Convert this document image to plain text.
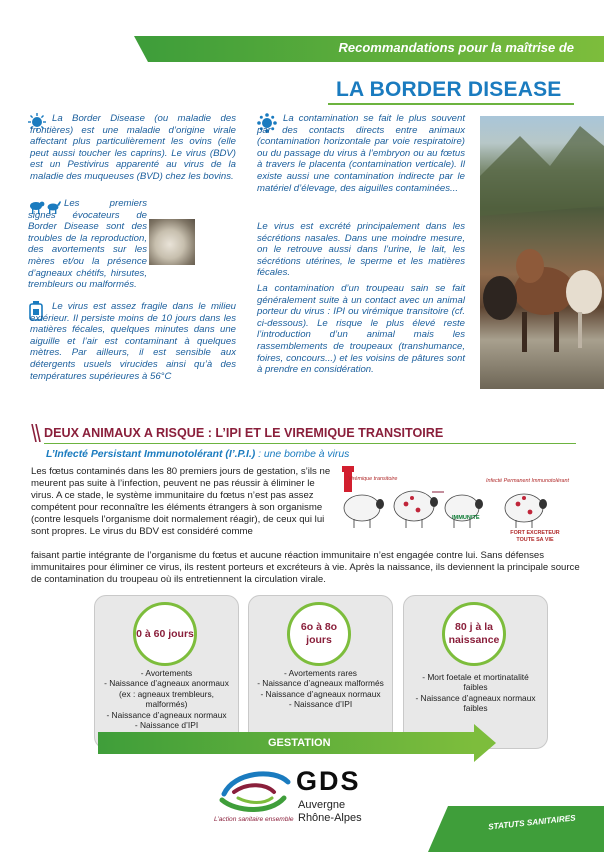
Recommandations pour la maîtrise de
LA BORDER DISEASE
La Border Disease (ou maladie des frontières) est une maladie d’origine virale affectant plus particulièrement les ovins (elle peut aussi toucher les caprins). Le virus (BDV) est un Pestivirus apparenté au virus de la maladie des muqueuses (BVD) chez les bovins.
Les premiers signes évocateurs de Border Disease sont des troubles de la reproduction, des avortements sur les mères et/ou la présence d’agneaux chétifs, hirsutes, trembleurs ou malformés.
Le virus est assez fragile dans le milieu extérieur. Il persiste moins de 10 jours dans les matières fécales, quelques minutes dans une aiguille et l’air est contaminant à quelques mètres. Par ailleurs, il est sensible aux détergents usuels virucides ainsi qu’à des températures supérieures à 56°C
La contamination se fait le plus souvent par des contacts directs entre animaux (contamination horizontale par voie respiratoire) ou du passage du virus à l’embryon ou au fœtus à travers le placenta (contamination verticale). Il existe aussi une contamination indirecte par le matériel d’élevage, des aiguilles contaminées...
Le virus est excrété principalement dans les sécrétions nasales. Dans une moindre mesure, on le retrouve aussi dans l’urine, le lait, les sécrétions utérines, le sperme et les matières fécales.
La contamination d’un troupeau sain se fait généralement suite à un contact avec un animal porteur du virus : IPI ou virémique transitoire (cf. ci-dessous). Le risque le plus élevé reste l’introduction d’un animal mais les rassemblements de troupeaux (transhumance, foires, concours...) et les voisins de pâtures sont à prendre en considération.
DEUX ANIMAUX A RISQUE : L’IPI ET LE VIREMIQUE TRANSITOIRE
L’Infecté Persistant Immunotolérant (I’.P.I.) : une bombe à virus
Les fœtus contaminés dans les 80 premiers jours de gestation, s’ils ne meurent pas suite à l’infection, peuvent ne pas réussir à éliminer le virus. A ce stade, le système immunitaire du fœtus n’est pas assez compétent pour reconnaître les éléments étrangers à son organisme (contre lesquels l’organisme doit normalement réagir), de ceux qui lui sont propres. Le virus du BDV est considéré comme
faisant partie intégrante de l’organisme du fœtus et aucune réaction immunitaire n’est engagée contre lui. Sans défenses immunitaires pour éliminer ce virus, ils restent porteurs et excréteurs à vie. Après la naissance, ils deviennent la principale source de contamination du troupeau où ils entretiennent la circulation virale.
Virémique transitoire	Infecté Permanent Immunotolérant
IMMUNITE
FORT EXCRETEUR
TOUTE SA VIE
0 à 60 jours
- Avortements
- Naissance d’agneaux anormaux (ex : agneaux trembleurs, malformés)
- Naissance d’agneaux normaux
- Naissance d’IPI
6o à 8o jours
- Avortements rares
- Naissance d’agneaux malformés
- Naissance d’agneaux normaux
- Naissance d’IPI
80 j à la naissance
- Mort foetale et mortinatalité faibles
- Naissance d’agneaux normaux faibles
GESTATION
GDS
Auvergne
Rhône-Alpes
L’action sanitaire ensemble	STATUTS SANITAIRES
